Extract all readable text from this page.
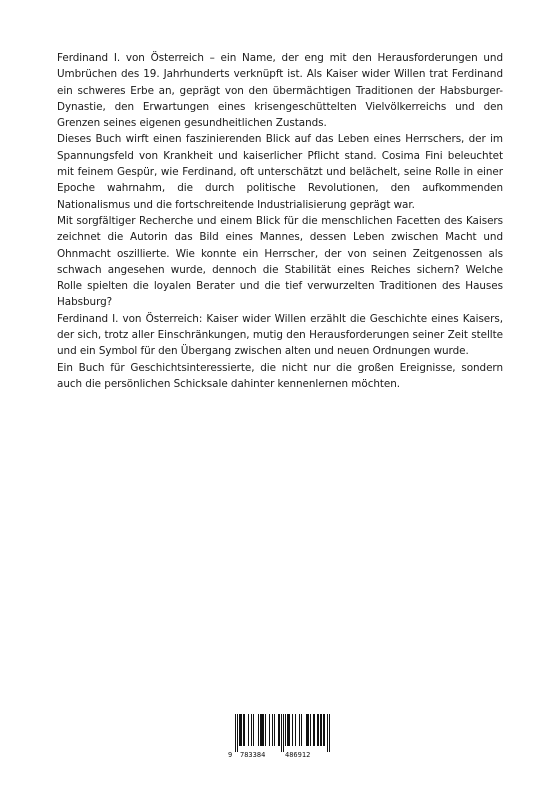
Ferdinand I. von Österreich – ein Name, der eng mit den Herausforderungen und Umbrüchen des 19. Jahrhunderts verknüpft ist. Als Kaiser wider Willen trat Ferdinand ein schweres Erbe an, geprägt von den übermächtigen Traditionen der Habsburger-Dynastie, den Erwartungen eines krisengeschüttelten Vielvölkerreichs und den Grenzen seines eigenen gesundheitlichen Zustands.

Dieses Buch wirft einen faszinierenden Blick auf das Leben eines Herrschers, der im Spannungsfeld von Krankheit und kaiserlicher Pflicht stand. Cosima Fini beleuchtet mit feinem Gespür, wie Ferdinand, oft unterschätzt und belächelt, seine Rolle in einer Epoche wahrnahm, die durch politische Revolutionen, den aufkommenden Nationalismus und die fortschreitende Industrialisierung geprägt war.

Mit sorgfältiger Recherche und einem Blick für die menschlichen Facetten des Kaisers zeichnet die Autorin das Bild eines Mannes, dessen Leben zwischen Macht und Ohnmacht oszillierte. Wie konnte ein Herrscher, der von seinen Zeitgenossen als schwach angesehen wurde, dennoch die Stabilität eines Reiches sichern? Welche Rolle spielten die loyalen Berater und die tief verwurzelten Traditionen des Hauses Habsburg?

Ferdinand I. von Österreich: Kaiser wider Willen erzählt die Geschichte eines Kaisers, der sich, trotz aller Einschränkungen, mutig den Herausforderungen seiner Zeit stellte und ein Symbol für den Übergang zwischen alten und neuen Ordnungen wurde.

Ein Buch für Geschichtsinteressierte, die nicht nur die großen Ereignisse, sondern auch die persönlichen Schicksale dahinter kennenlernen möchten.

9 783384	486912
